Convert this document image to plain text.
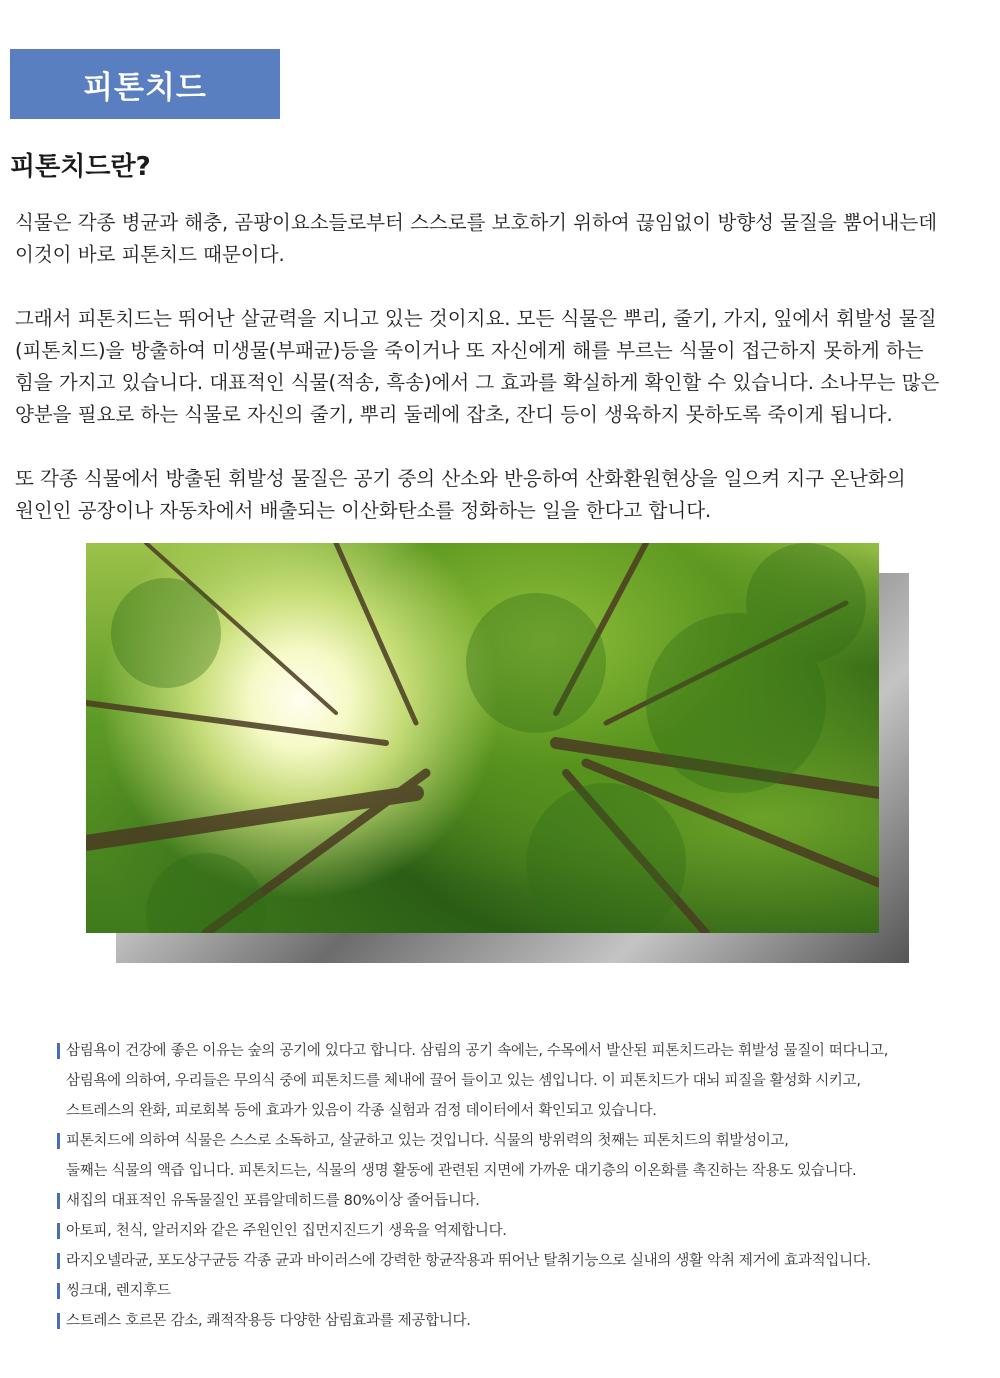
피톤치드
피톤치드란?

식물은 각종 병균과 해충, 곰팡이요소들로부터 스스로를 보호하기 위하여 끊임없이 방향성 물질을 뿜어내는데
이것이 바로 피톤치드 때문이다.

그래서 피톤치드는 뛰어난 살균력을 지니고 있는 것이지요. 모든 식물은 뿌리, 줄기, 가지, 잎에서 휘발성 물질
(피톤치드)을 방출하여 미생물(부패균)등을 죽이거나 또 자신에게 해를 부르는 식물이 접근하지 못하게 하는
힘을 가지고 있습니다. 대표적인 식물(적송, 흑송)에서 그 효과를 확실하게 확인할 수 있습니다. 소나무는 많은
양분을 필요로 하는 식물로 자신의 줄기, 뿌리 둘레에 잡초, 잔디 등이 생육하지 못하도록 죽이게 됩니다.

또 각종 식물에서 방출된 휘발성 물질은 공기 중의 산소와 반응하여 산화환원현상을 일으켜 지구 온난화의
원인인 공장이나 자동차에서 배출되는 이산화탄소를 정화하는 일을 한다고 합니다.

삼림욕이 건강에 좋은 이유는 숲의 공기에 있다고 합니다. 삼림의 공기 속에는, 수목에서 발산된 피톤치드라는 휘발성 물질이 떠다니고,
삼림욕에 의하여, 우리들은 무의식 중에 피톤치드를 체내에 끌어 들이고 있는 셈입니다. 이 피톤치드가 대뇌 피질을 활성화 시키고,
스트레스의 완화, 피로회복 등에 효과가 있음이 각종 실험과 검정 데이터에서 확인되고 있습니다.
피톤치드에 의하여 식물은 스스로 소독하고, 살균하고 있는 것입니다. 식물의 방위력의 첫째는 피톤치드의 휘발성이고,
둘째는 식물의 액즙 입니다. 피톤치드는, 식물의 생명 활동에 관련된 지면에 가까운 대기층의 이온화를 촉진하는 작용도 있습니다.
새집의 대표적인 유독물질인 포름알데히드를 80%이상 줄어듭니다.
아토피, 천식, 알러지와 같은 주원인인 집먼지진드기 생육을 억제합니다.
라지오넬라균, 포도상구균등 각종 균과 바이러스에 강력한 항균작용과 뛰어난 탈취기능으로 실내의 생활 악취 제거에 효과적입니다.
씽크대, 렌지후드
스트레스 호르몬 감소, 쾌적작용등 다양한 삼림효과를 제공합니다.
